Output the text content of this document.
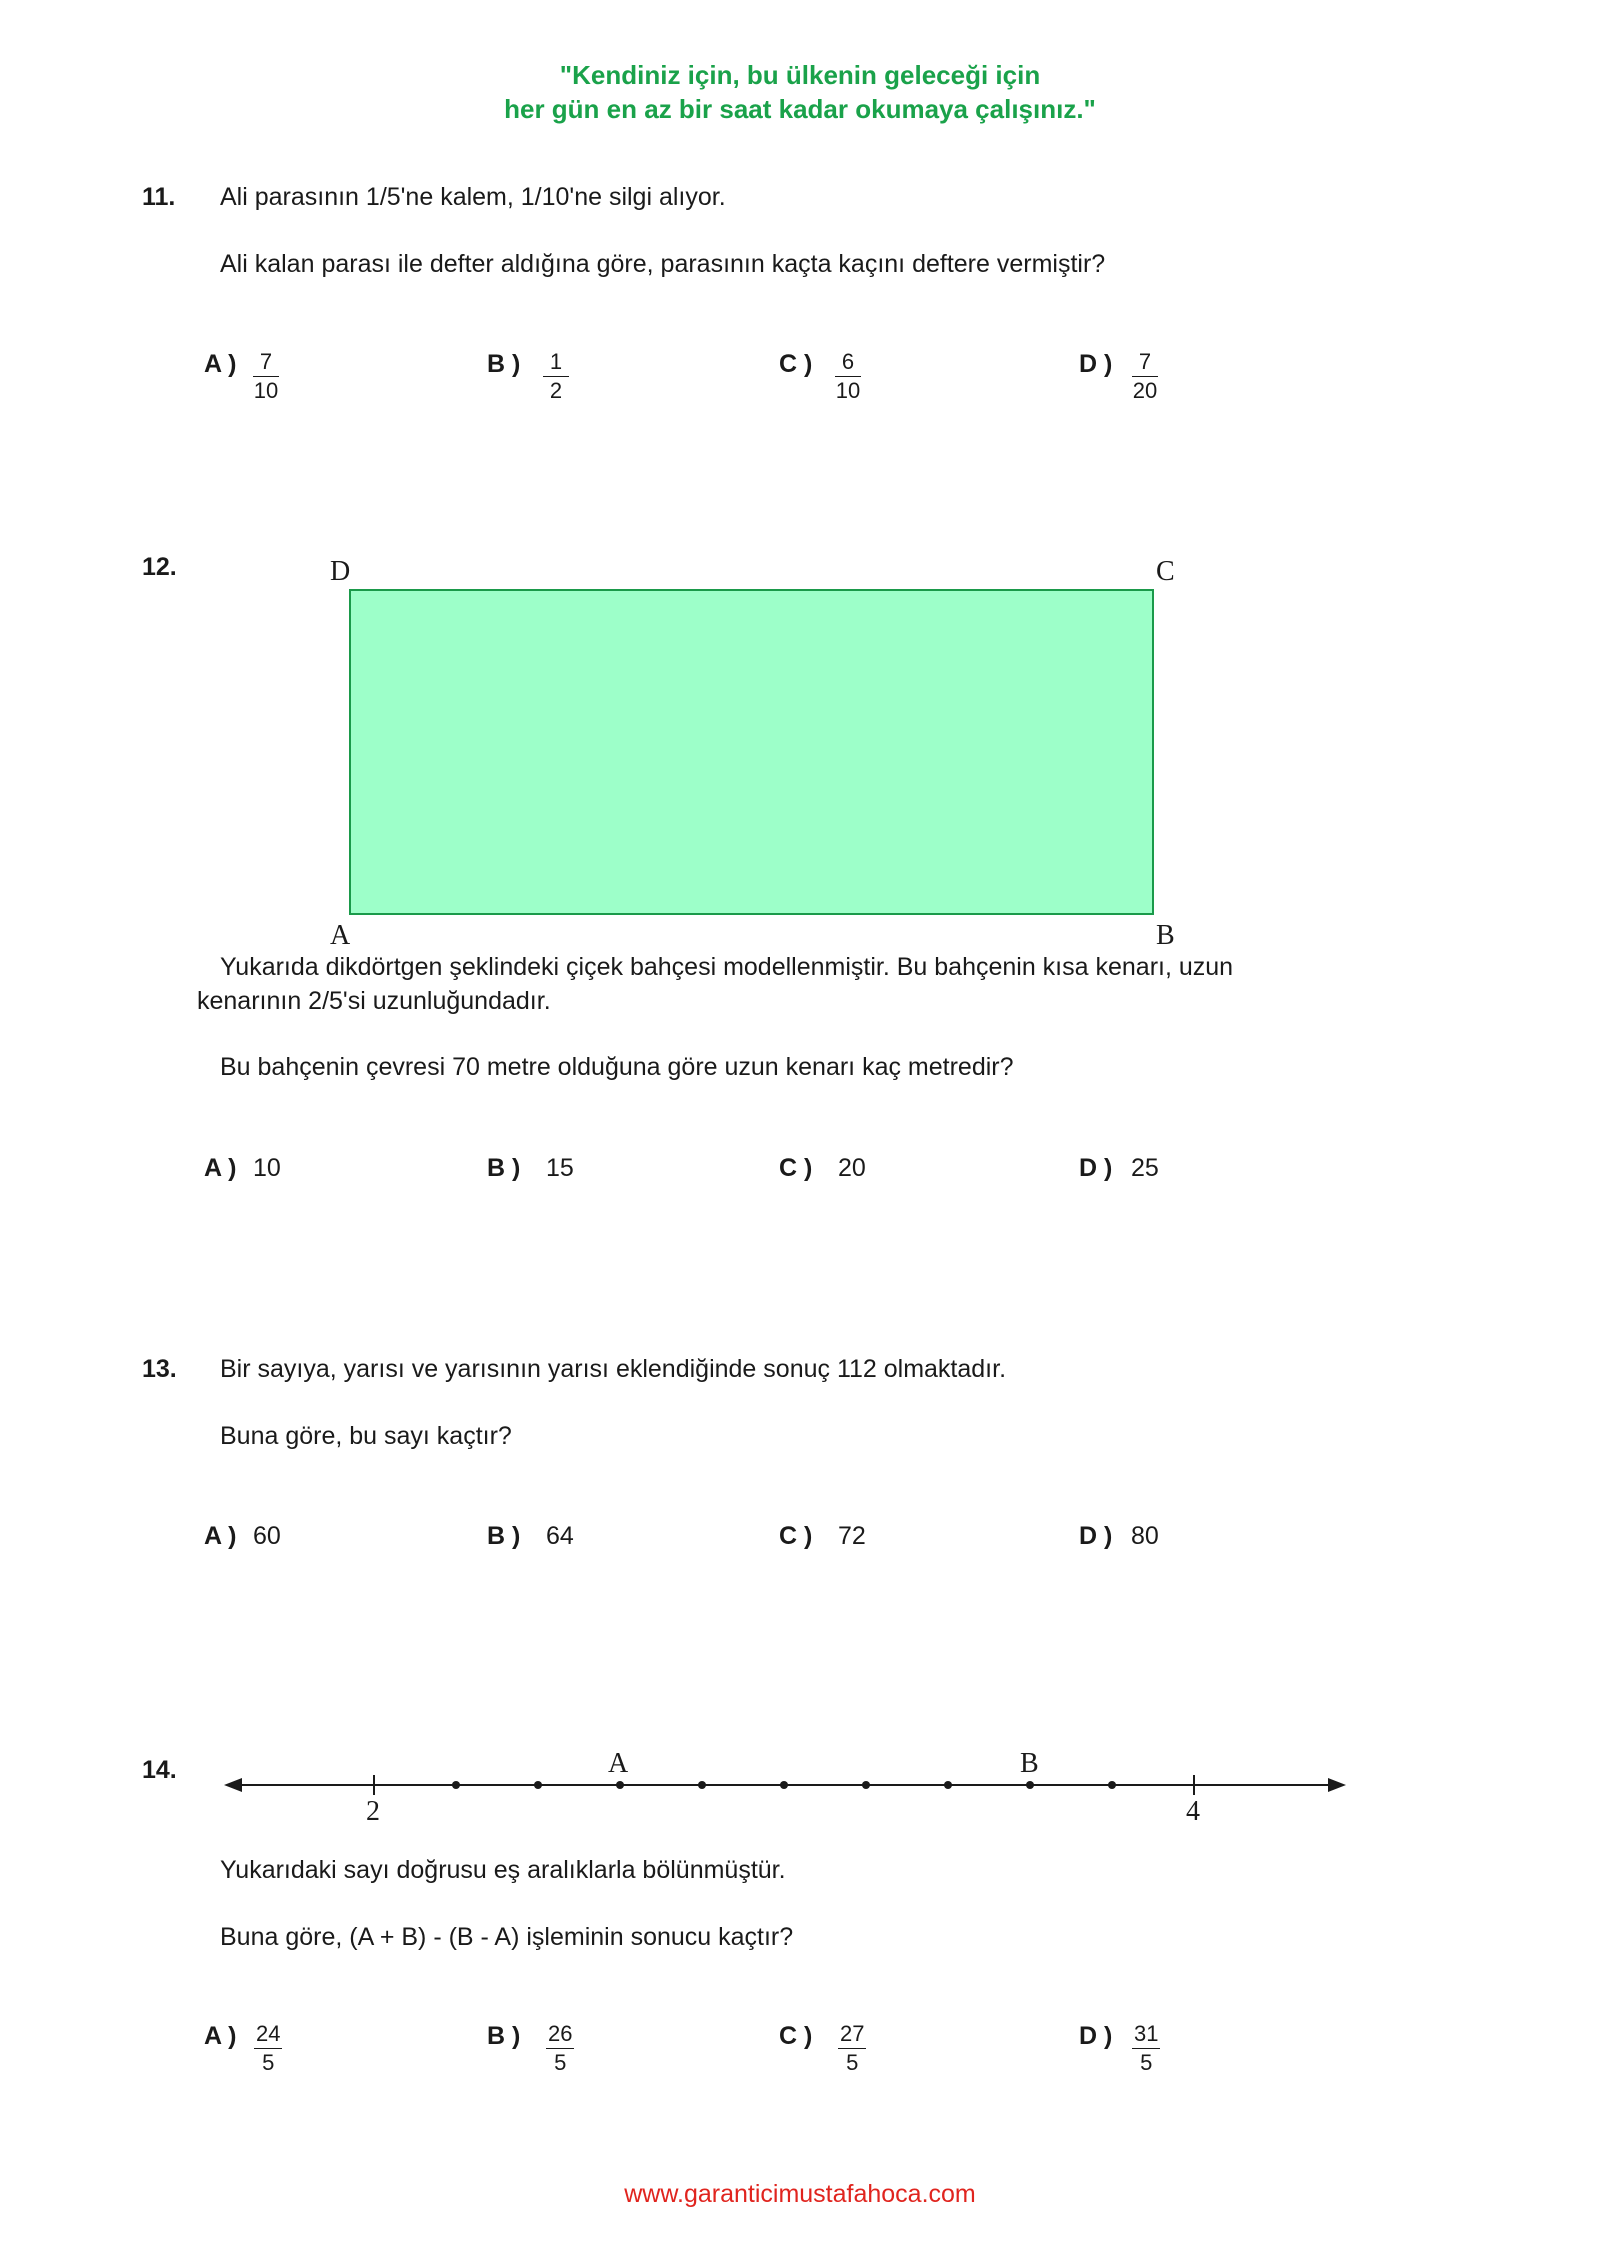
"Kendiniz için, bu ülkenin geleceği için
her gün en az bir saat kadar okumaya çalışınız."
11. Ali parasının 1/5'ne kalem, 1/10'ne silgi alıyor.
Ali kalan parası ile defter aldığına göre, parasının kaçta kaçını deftere vermiştir?
A ) $\frac{7}{10}$	B ) $\frac{1}{2}$	C ) $\frac{6}{10}$	D ) $\frac{7}{20}$
12.	D	C
A	B
Yukarıda dikdörtgen şeklindeki çiçek bahçesi modellenmiştir. Bu bahçenin kısa kenarı, uzun
kenarının 2/5'si uzunluğundadır.
Bu bahçenin çevresi 70 metre olduğuna göre uzun kenarı kaç metredir?
A ) 10	B ) 15	C ) 20	D ) 25
13. Bir sayıya, yarısı ve yarısının yarısı eklendiğinde sonuç 112 olmaktadır.
Buna göre, bu sayı kaçtır?
A ) 60	B ) 64	C ) 72	D ) 80
14.	A	B
2	4
Yukarıdaki sayı doğrusu eş aralıklarla bölünmüştür.
Buna göre, (A + B) - (B - A) işleminin sonucu kaçtır?
A ) $\frac{24}{5}$	B ) $\frac{26}{5}$	C ) $\frac{27}{5}$	D ) $\frac{31}{5}$
www.garanticimustafahoca.com
